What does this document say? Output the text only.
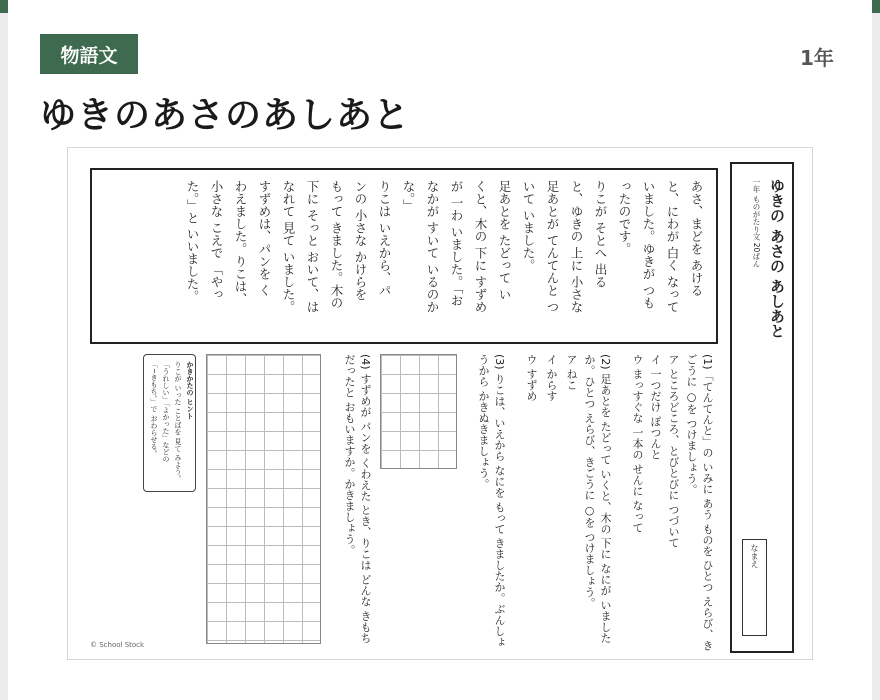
物語文	1年
ゆきのあさのあしあと
あさ、まどを あける
と、にわが 白く なって
いました。ゆきが つも
ったのです。
りこが そとへ 出る
と、ゆきの 上に 小さな
足あとが てんてんと つ
いて いました。
足あとを たどって い
くと、木の 下に すずめ
が 一わ いました。「お
なかが すいて いるのか
な。」
りこは いえから、パ
ンの 小さな かけらを
もって きました。木の
下に そっと おいて、は
なれて 見て いました。
すずめは、パンを く
わえました。りこは、
小さな こえで 「やっ
た。」と いいました。	ゆきの あさの あしあと
一年 ものがたり文 20ばん
なまえ
(1)「てんてんと」の いみに あう ものを ひとつ えらび、き
ごうに ○を つけましょう。
ア ところどころ、とびとびに つづいて
イ 一つだけ ぽつんと
ウ まっすぐな 一本の せんに なって
(2) 足あとを たどって いくと、木の 下に なにが いました
か。ひとつ えらび、きごうに ○を つけましょう。
ア ねこ
イ からす
ウ すずめ
(3) りこは、いえから なにを もって きましたか。ぶんしょ
うから かきぬきましょう。
(4) すずめが パンを くわえた とき、りこは どんな きもち
だったと おもいますか。かきましょう。
かきかたの ヒント
りこが いった ことばを 見て みよう。
「うれしい」「よかった」などの
「~きもち。」で おわらせる。
© School Stock
